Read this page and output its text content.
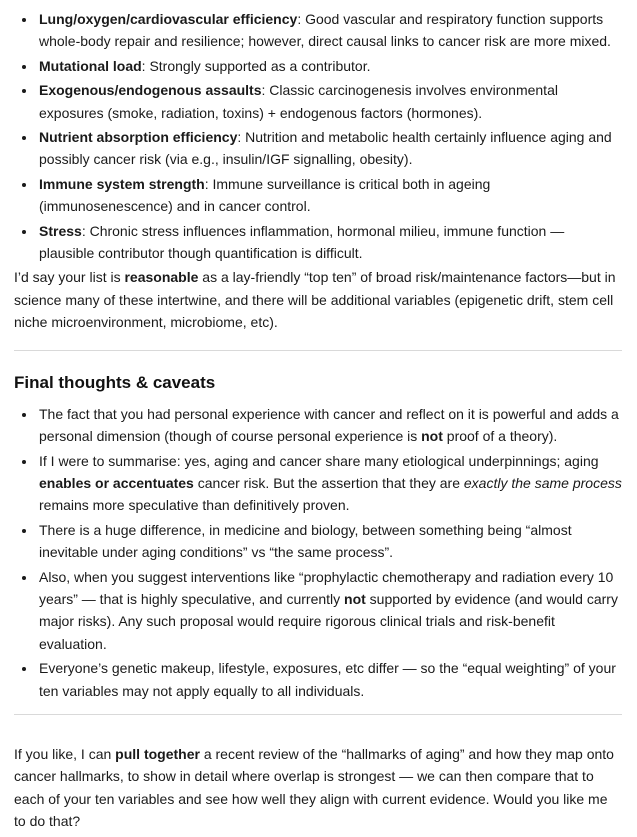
• Lung/oxygen/cardiovascular efficiency: Good vascular and respiratory function supports whole-body repair and resilience; however, direct causal links to cancer risk are more mixed.
• Mutational load: Strongly supported as a contributor.
• Exogenous/endogenous assaults: Classic carcinogenesis involves environmental exposures (smoke, radiation, toxins) + endogenous factors (hormones).
• Nutrient absorption efficiency: Nutrition and metabolic health certainly influence aging and possibly cancer risk (via e.g., insulin/IGF signalling, obesity).
• Immune system strength: Immune surveillance is critical both in ageing (immunosenescence) and in cancer control.
• Stress: Chronic stress influences inflammation, hormonal milieu, immune function — plausible contributor though quantification is difficult.

I’d say your list is reasonable as a lay-friendly “top ten” of broad risk/maintenance factors—but in science many of these intertwine, and there will be additional variables (epigenetic drift, stem cell niche microenvironment, microbiome, etc).

Final thoughts & caveats
• The fact that you had personal experience with cancer and reflect on it is powerful and adds a personal dimension (though of course personal experience is not proof of a theory).
• If I were to summarise: yes, aging and cancer share many etiological underpinnings; aging enables or accentuates cancer risk. But the assertion that they are exactly the same process remains more speculative than definitively proven.
• There is a huge difference, in medicine and biology, between something being “almost inevitable under aging conditions” vs “the same process”.
• Also, when you suggest interventions like “prophylactic chemotherapy and radiation every 10 years” — that is highly speculative, and currently not supported by evidence (and would carry major risks). Any such proposal would require rigorous clinical trials and risk-benefit evaluation.
• Everyone’s genetic makeup, lifestyle, exposures, etc differ — so the “equal weighting” of your ten variables may not apply equally to all individuals.

If you like, I can pull together a recent review of the “hallmarks of aging” and how they map onto cancer hallmarks, to show in detail where overlap is strongest — we can then compare that to each of your ten variables and see how well they align with current evidence. Would you like me to do that?
